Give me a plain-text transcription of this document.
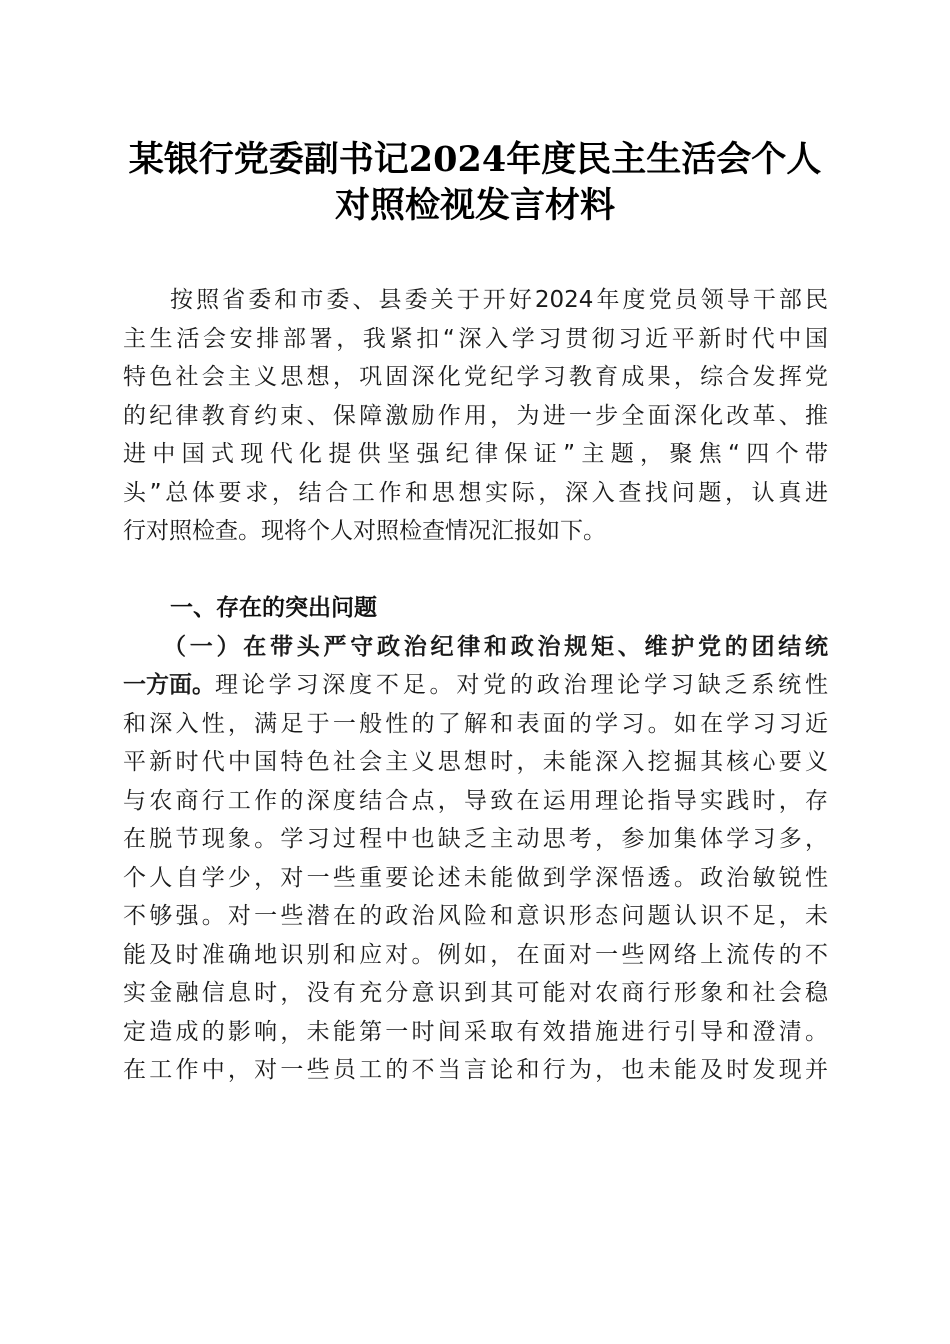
某银行党委副书记2024年度民主生活会个人
对照检视发言材料
按照省委和市委、县委关于开好2024年度党员领导干部民
主生活会安排部署，我紧扣“深入学习贯彻习近平新时代中国
特色社会主义思想，巩固深化党纪学习教育成果，综合发挥党
的纪律教育约束、保障激励作用，为进一步全面深化改革、推
进中国式现代化提供坚强纪律保证”主题，聚焦“四个带
头”总体要求，结合工作和思想实际，深入查找问题，认真进
行对照检查。现将个人对照检查情况汇报如下。
一、存在的突出问题
（一）在带头严守政治纪律和政治规矩、维护党的团结统
一方面。 理论学习深度不足。对党的政治理论学习缺乏系统性
和深入性，满足于一般性的了解和表面的学习。如在学习习近
平新时代中国特色社会主义思想时，未能深入挖掘其核心要义
与农商行工作的深度结合点，导致在运用理论指导实践时，存
在脱节现象。学习过程中也缺乏主动思考，参加集体学习多，
个人自学少，对一些重要论述未能做到学深悟透。政治敏锐性
不够强。对一些潜在的政治风险和意识形态问题认识不足，未
能及时准确地识别和应对。例如，在面对一些网络上流传的不
实金融信息时，没有充分意识到其可能对农商行形象和社会稳
定造成的影响，未能第一时间采取有效措施进行引导和澄清。
在工作中，对一些员工的不当言论和行为，也未能及时发现并
